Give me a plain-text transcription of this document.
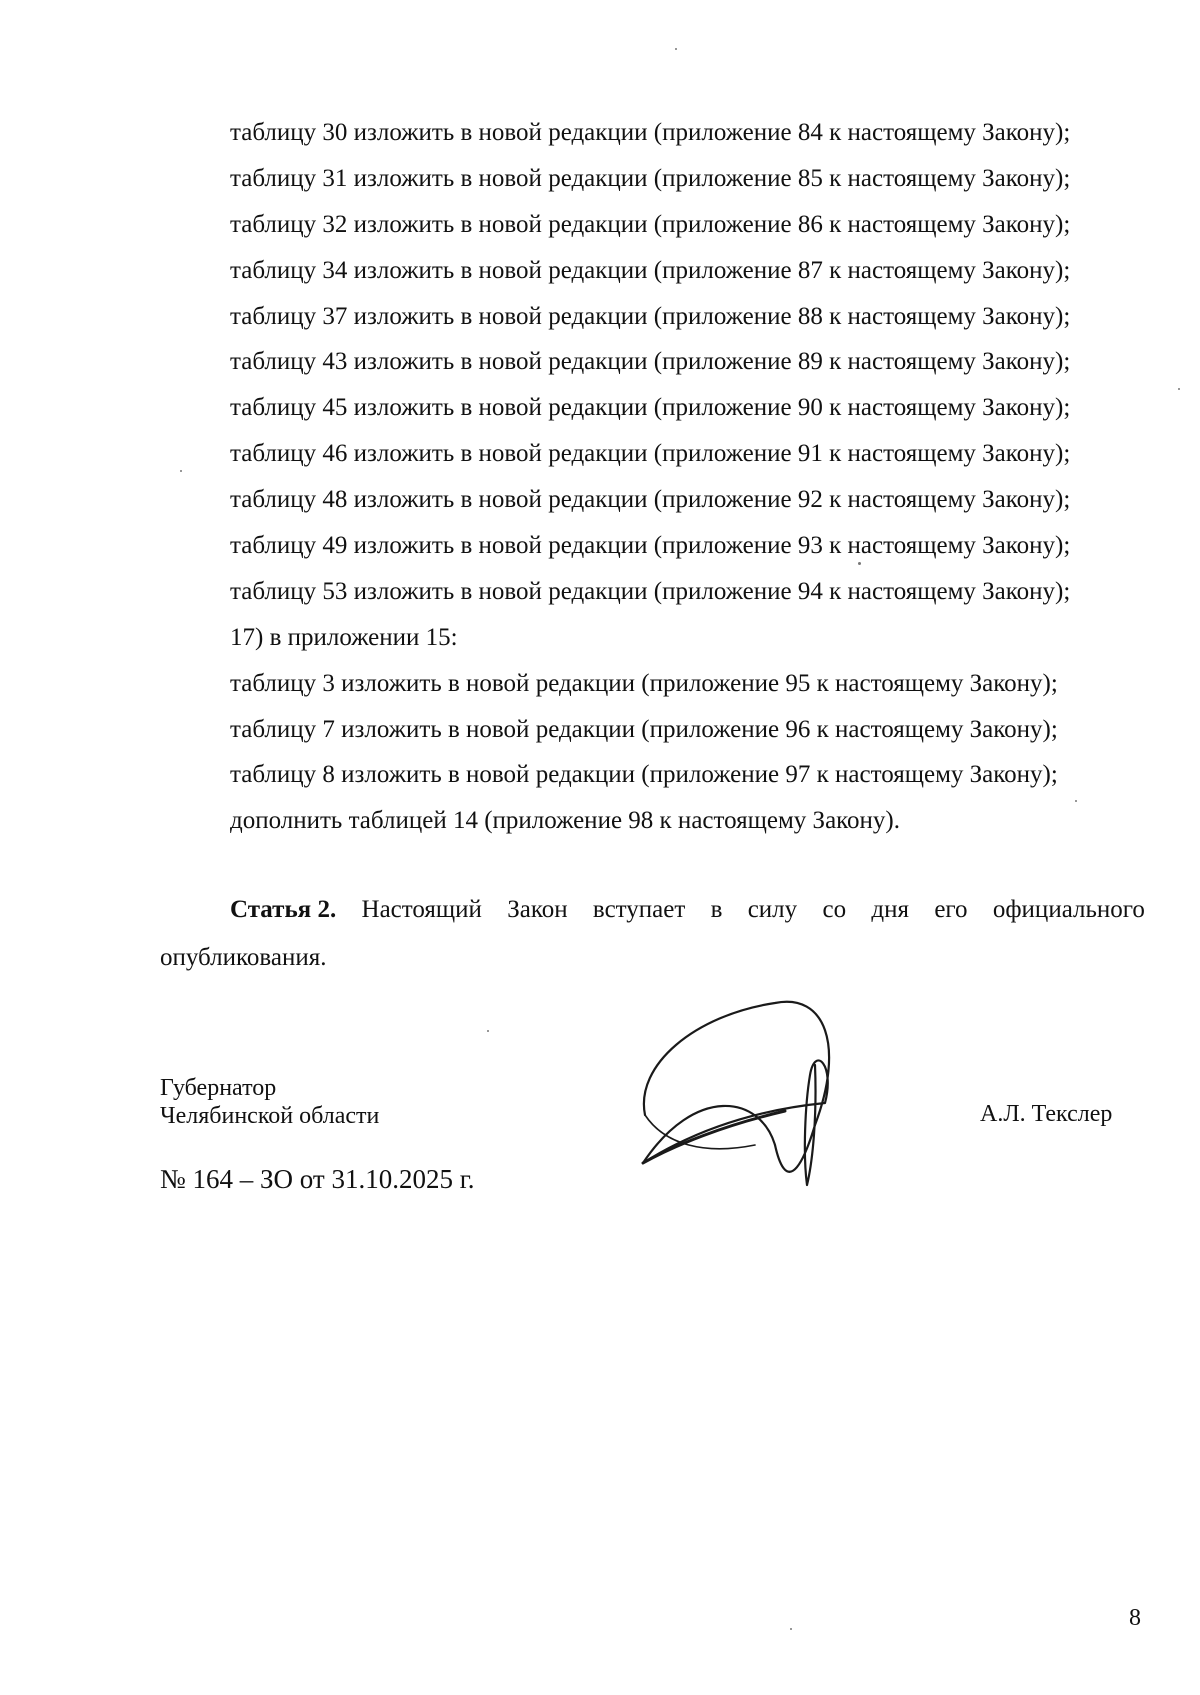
таблицу 30 изложить в новой редакции (приложение 84 к настоящему Закону);
таблицу 31 изложить в новой редакции (приложение 85 к настоящему Закону);
таблицу 32 изложить в новой редакции (приложение 86 к настоящему Закону);
таблицу 34 изложить в новой редакции (приложение 87 к настоящему Закону);
таблицу 37 изложить в новой редакции (приложение 88 к настоящему Закону);
таблицу 43 изложить в новой редакции (приложение 89 к настоящему Закону);
таблицу 45 изложить в новой редакции (приложение 90 к настоящему Закону);
таблицу 46 изложить в новой редакции (приложение 91 к настоящему Закону);
таблицу 48 изложить в новой редакции (приложение 92 к настоящему Закону);
таблицу 49 изложить в новой редакции (приложение 93 к настоящему Закону);
таблицу 53 изложить в новой редакции (приложение 94 к настоящему Закону);
17) в приложении 15:
таблицу 3 изложить в новой редакции (приложение 95 к настоящему Закону);
таблицу 7 изложить в новой редакции (приложение 96 к настоящему Закону);
таблицу 8 изложить в новой редакции (приложение 97 к настоящему Закону);
дополнить таблицей 14 (приложение 98 к настоящему Закону).
Статья 2. Настоящий Закон вступает в силу со дня его официального
опубликования.
Губернатор
Челябинской области	А.Л. Текслер
№ 164 – ЗО от 31.10.2025 г.
8
